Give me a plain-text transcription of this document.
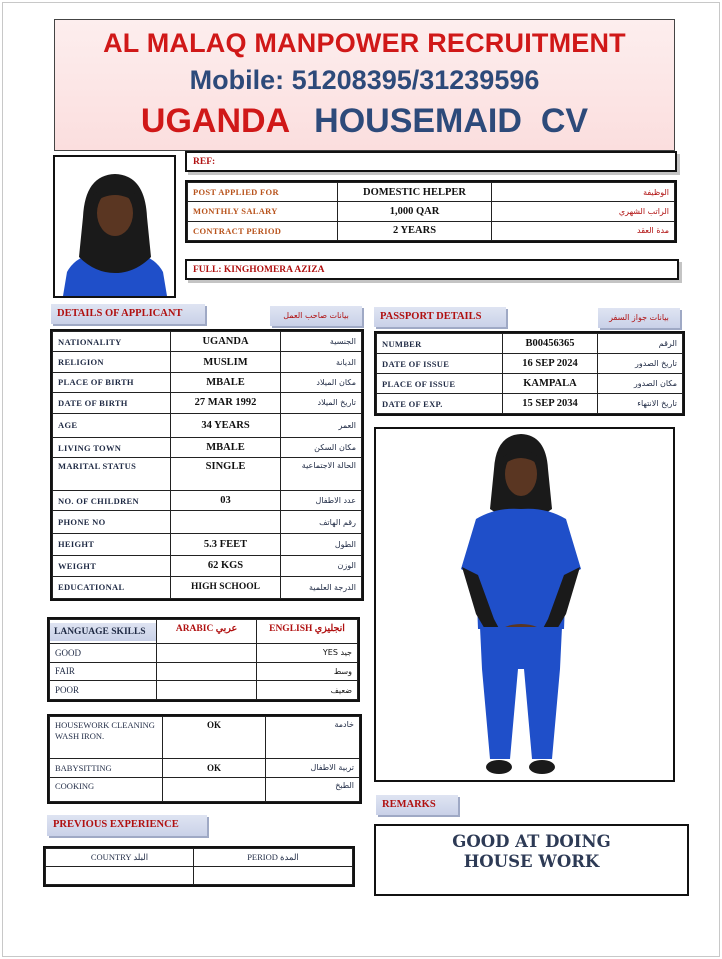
AL MALAQ MANPOWER RECRUITMENT
Mobile: 51208395/31239596
UGANDA HOUSEMAID  CV
REF:
POST APPLIED FOR	DOMESTIC HELPER	الوظيفة
MONTHLY SALARY	1,000 QAR	الراتب الشهري
CONTRACT PERIOD	2 YEARS	مدة العقد
FULL: KINGHOMERA AZIZA
DETAILS OF APPLICANT	بيانات صاحب العمل
NATIONALITY	UGANDA	الجنسية
RELIGION	MUSLIM	الديانة
PLACE OF BIRTH	MBALE	مكان الميلاد
DATE OF BIRTH	27 MAR 1992	تاريخ الميلاد
AGE	34 YEARS	العمر
LIVING TOWN	MBALE	مكان السكن
MARITAL STATUS	SINGLE	الحالة الاجتماعية
NO. OF CHILDREN	03	عدد الاطفال
PHONE NO		رقم الهاتف
HEIGHT	5.3 FEET	الطول
WEIGHT	62 KGS	الوزن
EDUCATIONAL	HIGH SCHOOL	الدرجة العلمية
PASSPORT DETAILS	بيانات جواز السفر
NUMBER	B00456365	الرقم
DATE OF ISSUE	16 SEP 2024	تاريخ الصدور
PLACE OF ISSUE	KAMPALA	مكان الصدور
DATE OF EXP.	15 SEP 2034	تاريخ الانتهاء
LANGUAGE SKILLS	ARABIC عربي	ENGLISH انجليزي
GOOD		YES جيد
FAIR		وسط
POOR		ضعيف
HOUSEWORK CLEANING WASH IRON.	OK	خادمة
BABYSITTING	OK	تربية الاطفال
COOKING		الطبخ
REMARKS
GOOD AT DOING HOUSE WORK
PREVIOUS EXPERIENCE
COUNTRY البلد	PERIOD المدة
